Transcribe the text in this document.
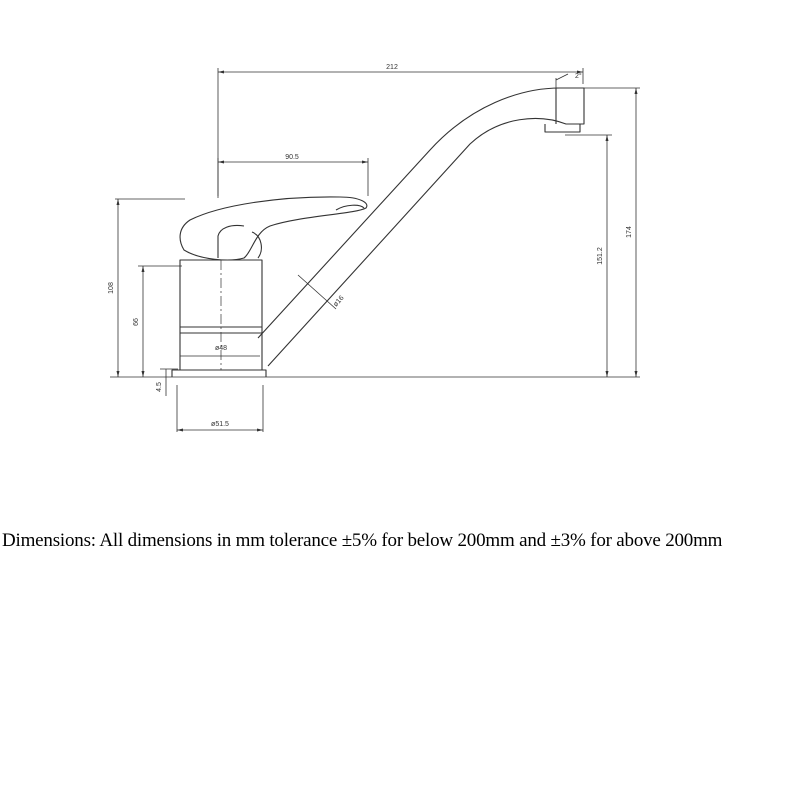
212
2°
90.5
174
151.2
108
66
4.5
ø48
ø51.5
ø16
Dimensions: All dimensions in mm tolerance ±5% for below 200mm and ±3% for above 200mm
